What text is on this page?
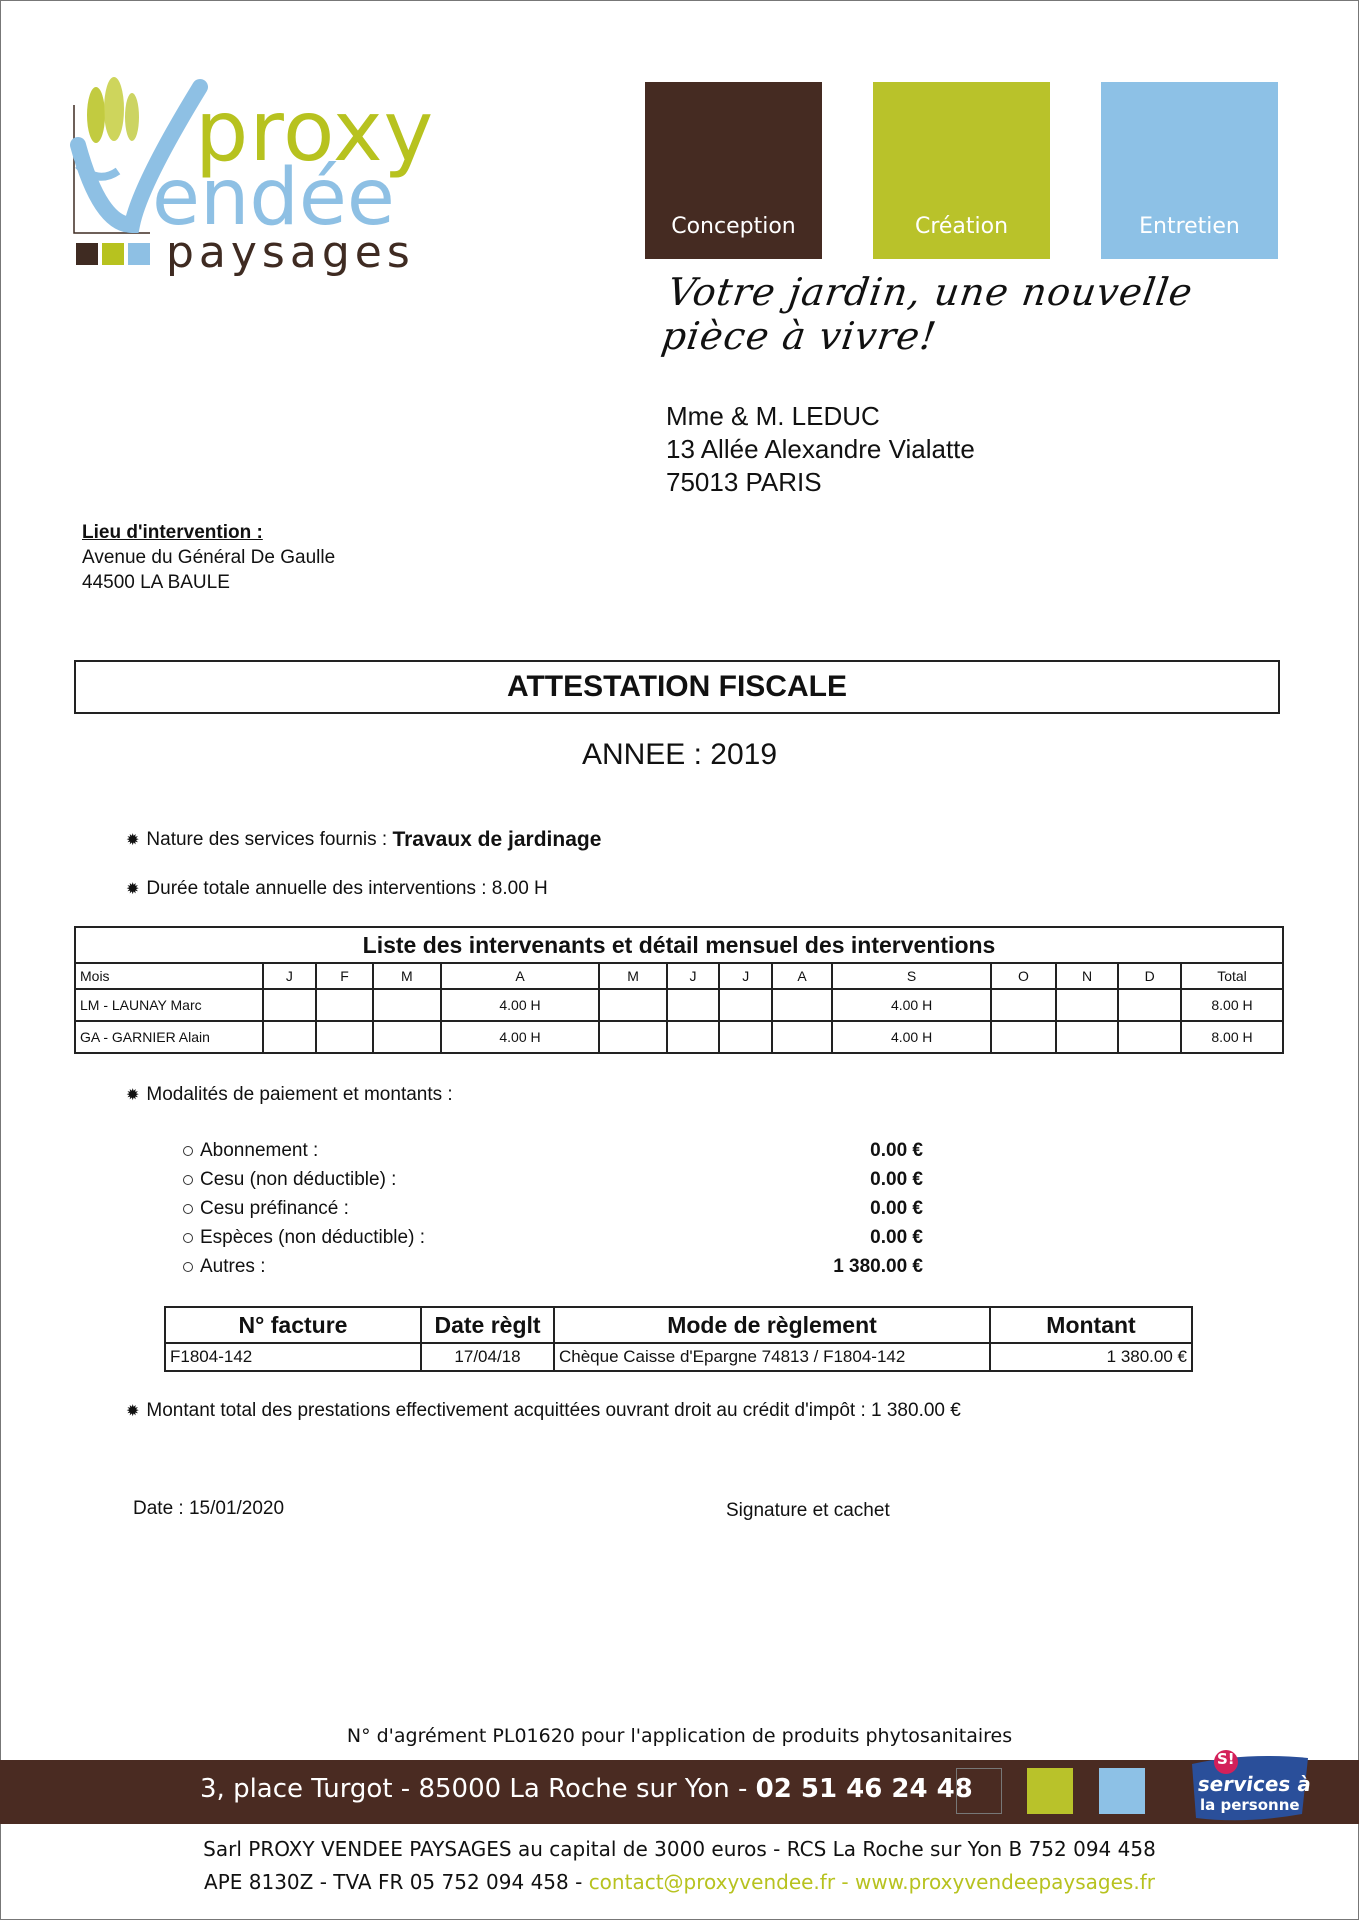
proxy
endée
paysages
Conception	Création	Entretien
Votre jardin, une nouvelle pièce à vivre!
Mme & M. LEDUC
13 Allée Alexandre Vialatte
75013 PARIS
Lieu d'intervention :
Avenue du Général De Gaulle
44500 LA BAULE
ATTESTATION FISCALE
ANNEE : 2019
✹ Nature des services fournis :
Travaux de jardinage
✹ Durée totale annuelle des interventions : 8.00 H
Liste des intervenants et détail mensuel des interventions													
Mois	J	F	M	A	M	J	J	A	S	O	N	D	Total
LM - LAUNAY Marc				4.00 H					4.00 H				8.00 H
GA - GARNIER Alain				4.00 H					4.00 H				8.00 H
✹ Modalités de paiement et montants :
Abonnement :	0.00 €
Cesu (non déductible) :	0.00 €
Cesu préfinancé :	0.00 €
Espèces (non déductible) :	0.00 €
Autres :	1 380.00 €
N° facture	Date règlt	Mode de règlement	Montant
F1804-142	17/04/18	Chèque Caisse d'Epargne 74813 / F1804-142	1 380.00 €
✹ Montant total des prestations effectivement acquittées ouvrant droit au crédit d'impôt : 1 380.00 €
Date : 15/01/2020	Signature et cachet
N° d'agrément PL01620 pour l'application de produits phytosanitaires
3, place Turgot - 85000 La Roche sur Yon - 02 51 46 24 48
S!
services à
la personne
Sarl PROXY VENDEE PAYSAGES au capital de 3000 euros - RCS La Roche sur Yon B 752 094 458
APE 8130Z - TVA FR 05 752 094 458 - contact@proxyvendee.fr - www.proxyvendeepaysages.fr
